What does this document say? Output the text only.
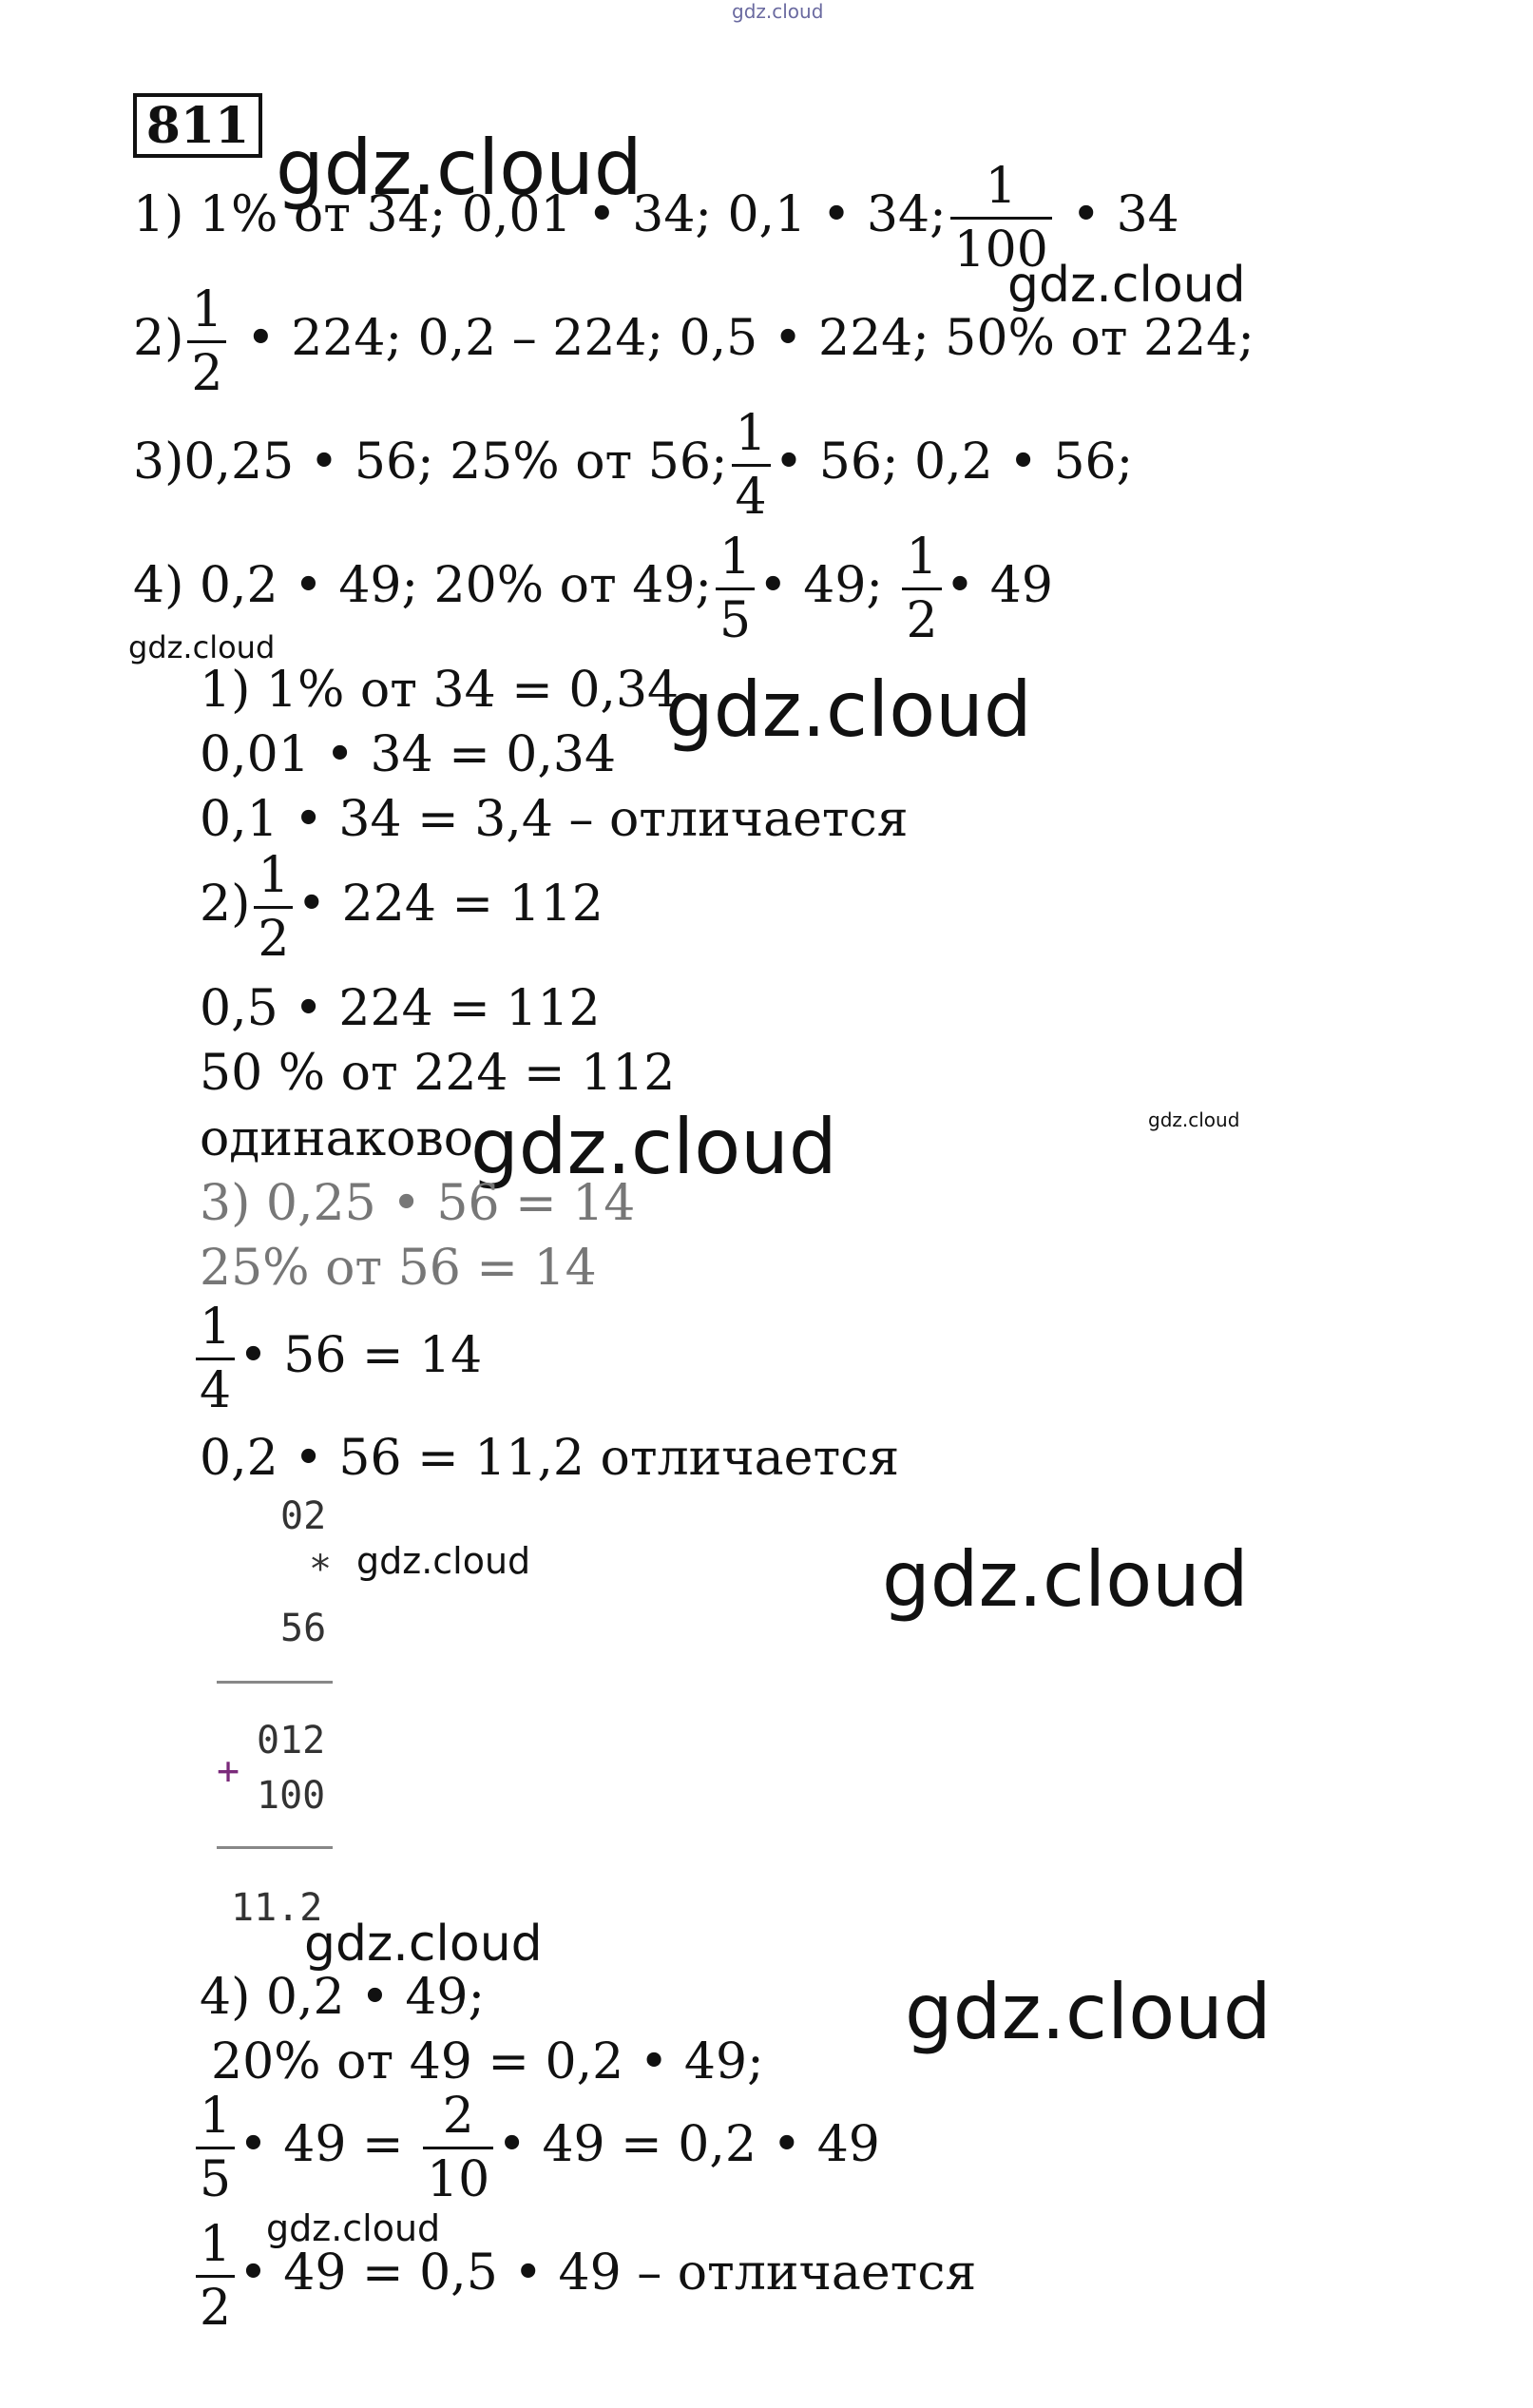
gdz.cloud
811 gdz.cloud
gdz.cloud
gdz.cloud
gdz.cloud
gdz.cloud	gdz.cloud
gdz.cloud	gdz.cloud
gdz.cloud
gdz.cloud
gdz.cloud
1) 1% от 34; 0,01 • 34; 0,1 • 34; $\frac{1}{100}$ • 34
$2) \frac{1}{2}$ • 224; 0,2 – 224; 0,5 • 224; 50% от 224;
3)0,25 • 56; 25% от 56; $\frac{1}{4}$ • 56; 0,2 • 56;
4) 0,2 • 49; 20% от 49; $\frac{1}{5}$ • 49; $\frac{1}{2}$ • 49
1) 1% от 34 = 0,34
0,01 • 34 = 0,34
0,1 • 34 = 3,4 – отличается
$2) \frac{1}{2}$ • 224 = 112
0,5 • 224 = 112
50 % от 224 = 112
одинаково
3) 0,25 • 56 = 14
25% от 56 = 14
$\frac{1}{4}$ • 56 = 14
0,2 • 56 = 11,2 отличается
02
*
56
012
+
100
11.2
4) 0,2 • 49;
20% от 49 = 0,2 • 49;
$\frac{1}{5}$ • $49 = \frac{2}{10}$ • 49 = 0,2 • 49
$\frac{1}{2}$ • 49 = 0,5 • 49 – отличается
